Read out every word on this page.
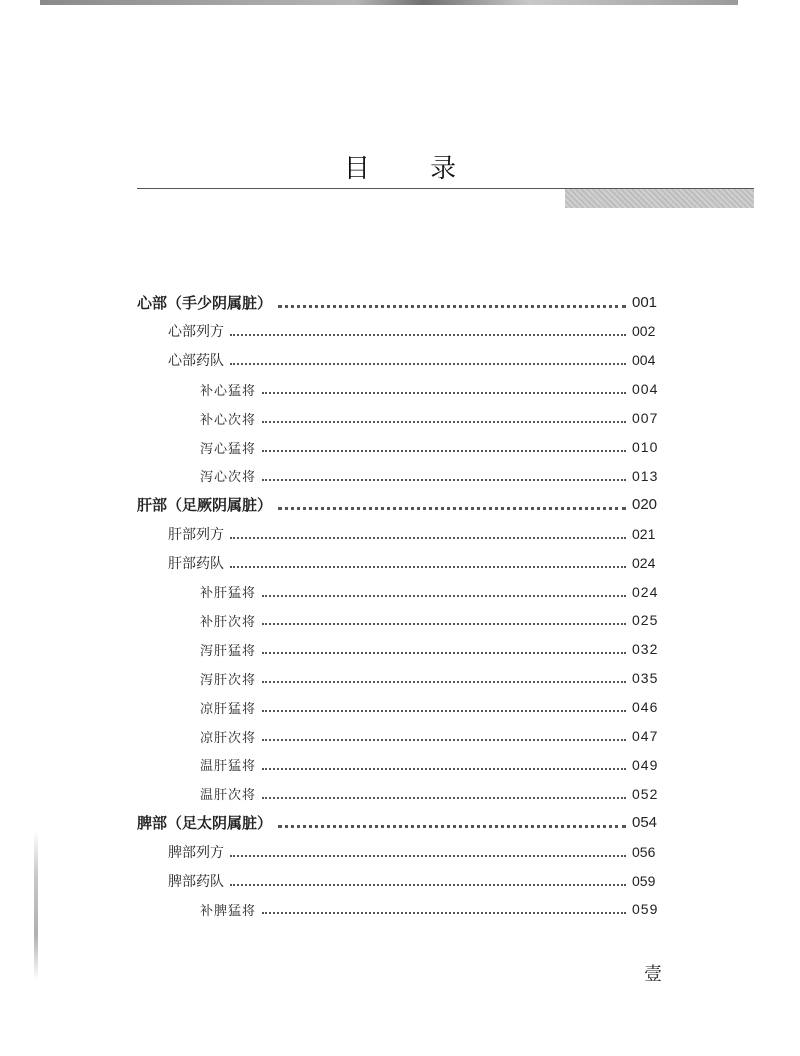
目 录
心部（手少阴属脏）	001
心部列方	002
心部药队	004
补心猛将	004
补心次将	007
泻心猛将	010
泻心次将	013
肝部（足厥阴属脏）	020
肝部列方	021
肝部药队	024
补肝猛将	024
补肝次将	025
泻肝猛将	032
泻肝次将	035
凉肝猛将	046
凉肝次将	047
温肝猛将	049
温肝次将	052
脾部（足太阴属脏）	054
脾部列方	056
脾部药队	059
补脾猛将	059
壹
